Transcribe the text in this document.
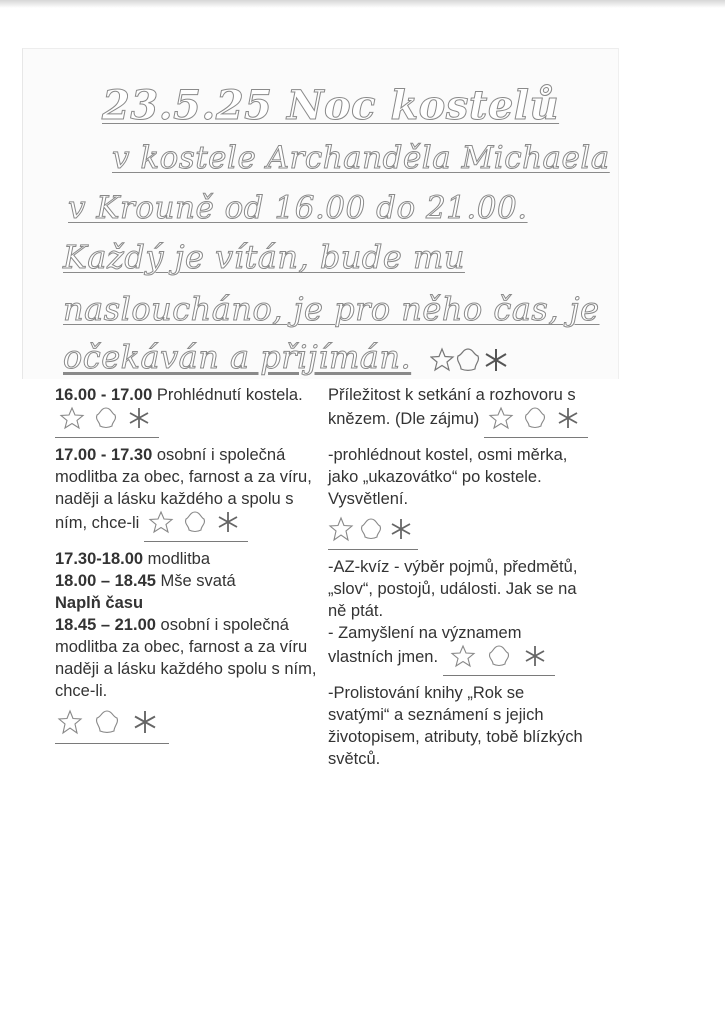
23.5.25 Noc kostelů
v kostele Archanděla Michaela
v Krouně od 16.00 do 21.00.
Každý je vítán, bude mu
nasloucháno, je pro něho čas, je
očekáván a přijímán.
16.00 - 17.00 Prohlédnutí kostela.
17.00 - 17.30 osobní i společná modlitba za obec, farnost a za víru, naději a lásku každého a spolu s ním, chce-li
17.30-18.00 modlitba
18.00 – 18.45 Mše svatá
Naplň času
18.45 – 21.00 osobní i společná modlitba za obec, farnost a za víru naději a lásku každého spolu s ním, chce-li.
Příležitost k setkání a rozhovoru s knězem. (Dle zájmu)
-prohlédnout kostel, osmi měrka, jako „ukazovátko“ po kostele. Vysvětlení.
-AZ-kvíz - výběr pojmů, předmětů, „slov“, postojů, události. Jak se na ně ptát.
- Zamyšlení na významem vlastních jmen.
-Prolistování knihy „Rok se svatými“ a seznámení s jejich životopisem, atributy, tobě blízkých světců.
